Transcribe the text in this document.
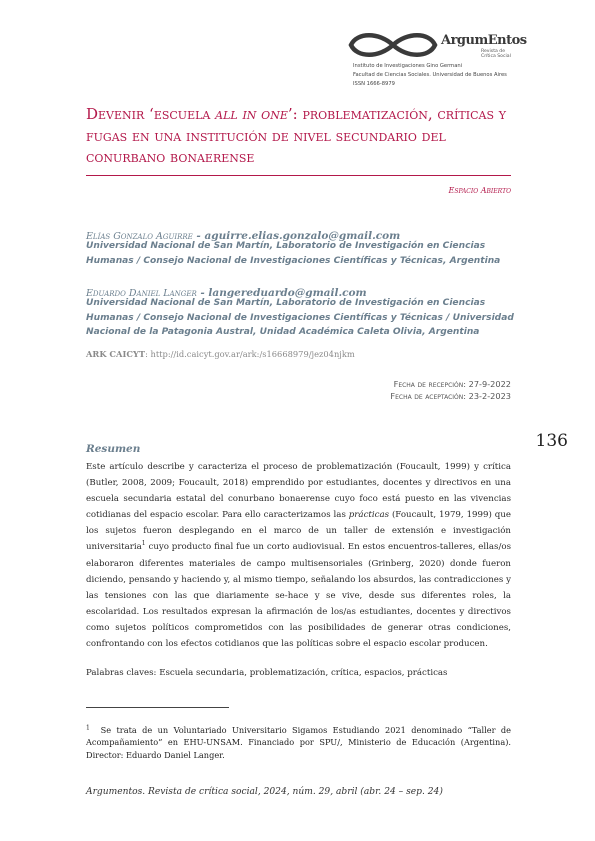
ArgumEntos
Revista de
Crítica Social
Instituto de Investigaciones Gino Germani
Facultad de Ciencias Sociales. Universidad de Buenos Aires
ISSN 1666-8979
Devenir ‘escuela all in one’: problematización, críticas y fugas en una institución de nivel secundario del conurbano bonaerense
Espacio Abierto
Elías Gonzalo Aguirre - aguirre.elias.gonzalo@gmail.com
Universidad Nacional de San Martín, Laboratorio de Investigación en Ciencias Humanas / Consejo Nacional de Investigaciones Científicas y Técnicas, Argentina
Eduardo Daniel Langer - langereduardo@gmail.com
Universidad Nacional de San Martín, Laboratorio de Investigación en Ciencias Humanas / Consejo Nacional de Investigaciones Científicas y Técnicas / Universidad Nacional de la Patagonia Austral, Unidad Académica Caleta Olivia, Argentina
ARK CAICYT: http://id.caicyt.gov.ar/ark:/s16668979/jez04njkm
Fecha de recepción: 27-9-2022
Fecha de aceptación: 23-2-2023
136
Resumen

Este artículo describe y caracteriza el proceso de problematización (Foucault, 1999) y crítica (Butler, 2008, 2009; Foucault, 2018) emprendido por estudiantes, docentes y directivos en una escuela secundaria estatal del conurbano bonaerense cuyo foco está puesto en las vivencias cotidianas del espacio escolar. Para ello caracterizamos las prácticas (Foucault, 1979, 1999) que los sujetos fueron desplegando en el marco de un taller de extensión e investigación universitaria$^1$ cuyo producto final fue un corto audiovisual. En estos encuentros-talleres, ellas/os elaboraron diferentes materiales de campo multisensoriales (Grinberg, 2020) donde fueron diciendo, pensando y haciendo y, al mismo tiempo, señalando los absurdos, las contradicciones y las tensiones con las que diariamente se-hace y se vive, desde sus diferentes roles, la escolaridad. Los resultados expresan la afirmación de los/as estudiantes, docentes y directivos como sujetos políticos comprometidos con las posibilidades de generar otras condiciones, confrontando con los efectos cotidianos que las políticas sobre el espacio escolar producen.

Palabras claves: Escuela secundaria, problematización, crítica, espacios, prácticas

$^1$ Se trata de un Voluntariado Universitario Sigamos Estudiando 2021 denominado “Taller de Acompañamiento” en EHU-UNSAM. Financiado por SPU/, Ministerio de Educación (Argentina). Director: Eduardo Daniel Langer.

Argumentos. Revista de crítica social, 2024, núm. 29, abril (abr. 24 – sep. 24)
